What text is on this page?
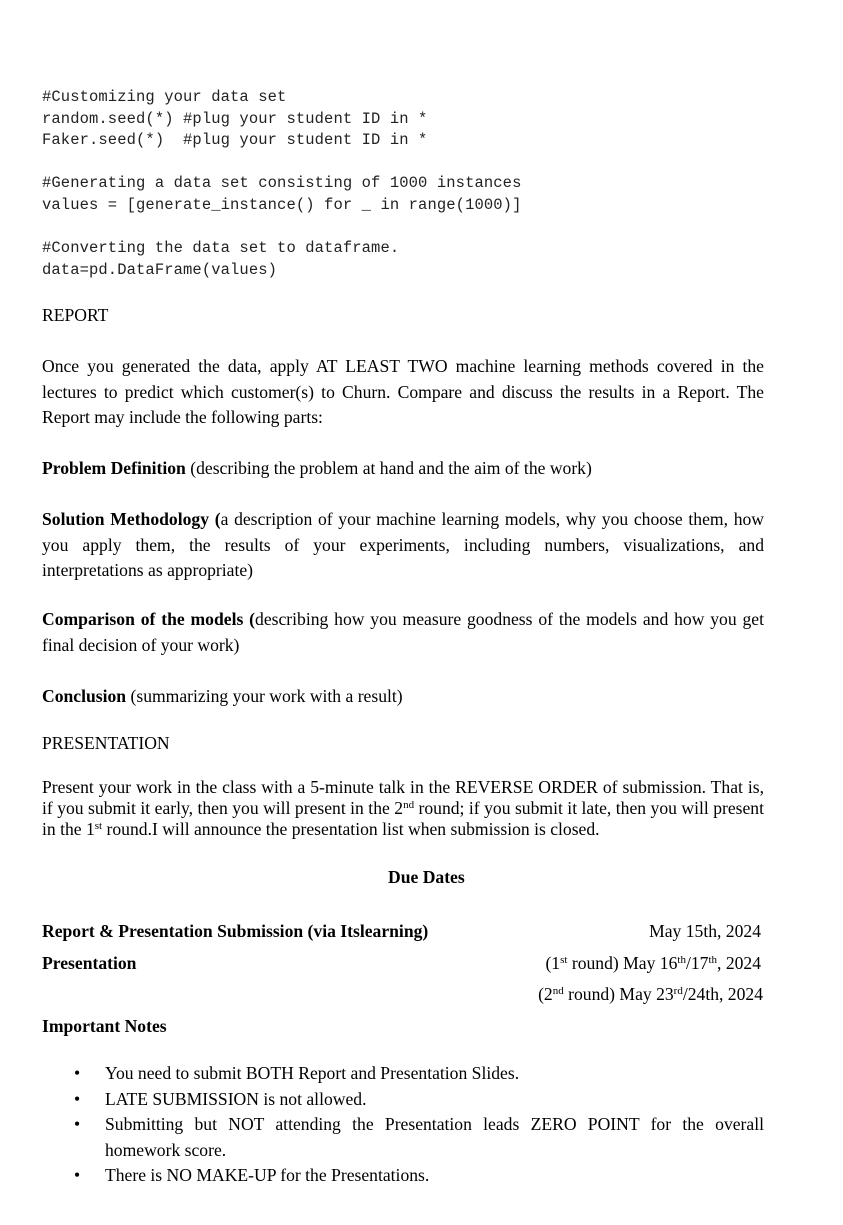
#Customizing your data set
random.seed(*) #plug your student ID in *
Faker.seed(*)  #plug your student ID in *
#Generating a data set consisting of 1000 instances
values = [generate_instance() for _ in range(1000)]
#Converting the data set to dataframe.
data=pd.DataFrame(values)
REPORT
Once you generated the data, apply AT LEAST TWO machine learning methods covered in the lectures to predict which customer(s) to Churn. Compare and discuss the results in a Report. The Report may include the following parts:
Problem Definition (describing the problem at hand and the aim of the work)
Solution Methodology (a description of your machine learning models, why you choose them, how you apply them, the results of your experiments, including numbers, visualizations, and interpretations as appropriate)
Comparison of the models (describing how you measure goodness of the models and how you get final decision of your work)
Conclusion (summarizing your work with a result)
PRESENTATION
Present your work in the class with a 5-minute talk in the REVERSE ORDER of submission. That is, if you submit it early, then you will present in the 2nd round; if you submit it late, then you will present in the 1st round.I will announce the presentation list when submission is closed.
Due Dates
Report & Presentation Submission (via Itslearning)	May 15th, 2024
Presentation	(1st round) May 16th/17th, 2024
(2nd round) May 23rd/24th, 2024
Important Notes
• You need to submit BOTH Report and Presentation Slides.
• LATE SUBMISSION is not allowed.
• Submitting but NOT attending the Presentation leads ZERO POINT for the overall homework score.
• There is NO MAKE-UP for the Presentations.
